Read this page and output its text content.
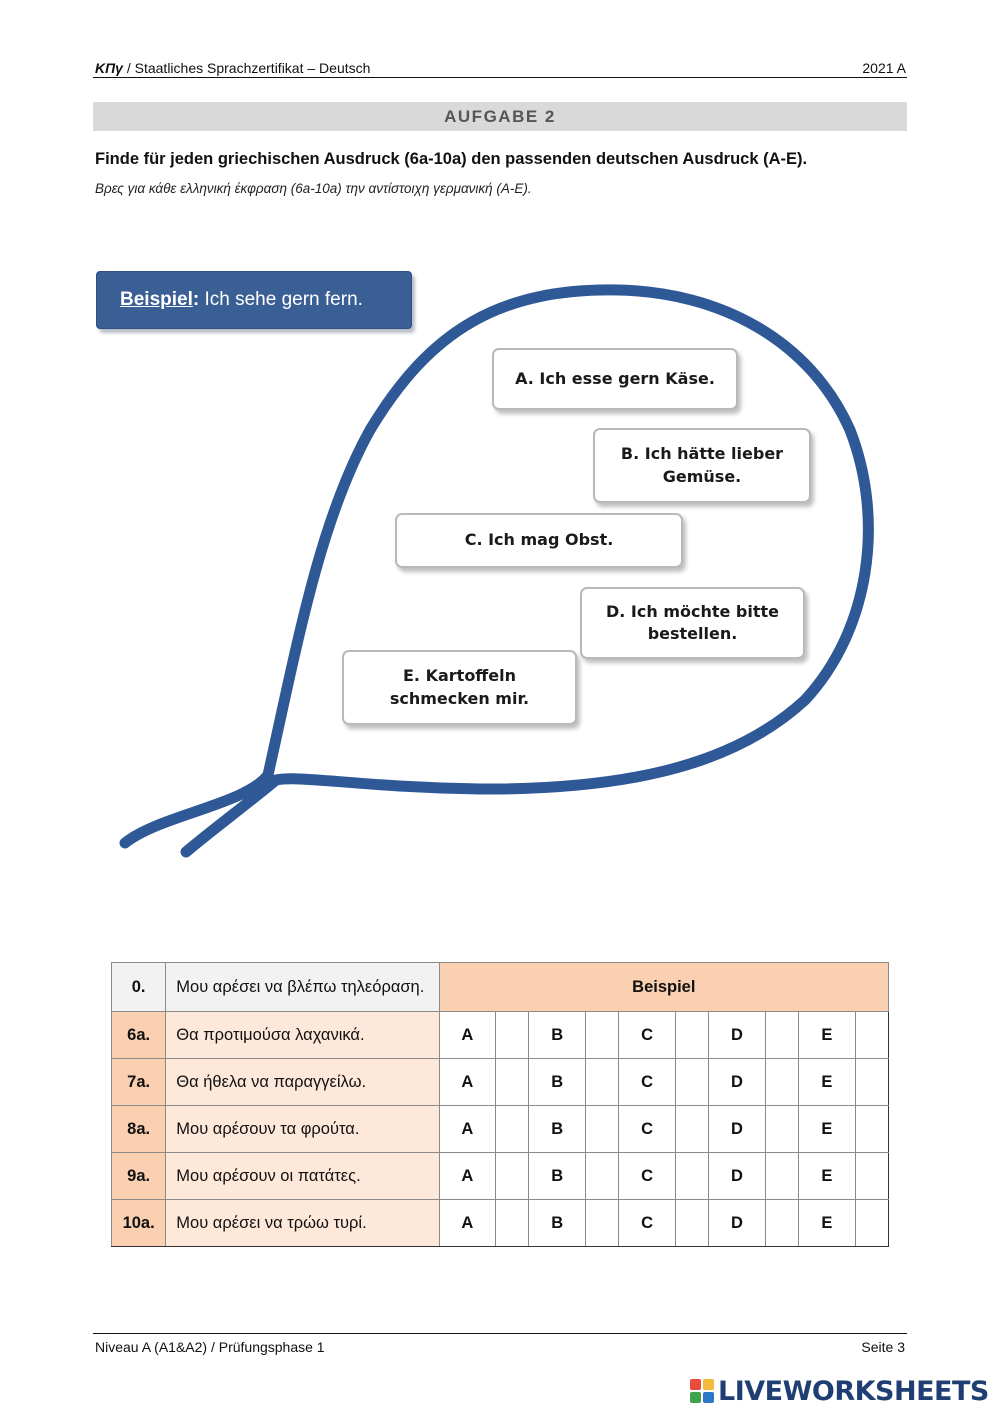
ΚΠγ / Staatliches Sprachzertifikat – Deutsch	2021 A
AUFGABE 2
Finde für jeden griechischen Ausdruck (6a-10a) den passenden deutschen Ausdruck (A-E).
Βρες για κάθε ελληνική έκφραση (6a-10a) την αντίστοιχη γερμανική (A-E).
Beispiel: Ich sehe gern fern.
A. Ich esse gern Käse.
B. Ich hätte lieber Gemüse.
C. Ich mag Obst.
D. Ich möchte bitte bestellen.
E. Kartoffeln schmecken mir.
0.	Μου αρέσει να βλέπω τηλεόραση.	Beispiel									
6a.	Θα προτιμούσα λαχανικά.	A		B		C		D		E	
7a.	Θα ήθελα να παραγγείλω.	A		B		C		D		E	
8a.	Μου αρέσουν τα φρούτα.	A		B		C		D		E	
9a.	Μου αρέσουν οι πατάτες.	A		B		C		D		E	
10a.	Μου αρέσει να τρώω τυρί.	A		B		C		D		E	
Niveau A (A1&A2) / Prüfungsphase 1	Seite 3
LIVEWORKSHEETS
